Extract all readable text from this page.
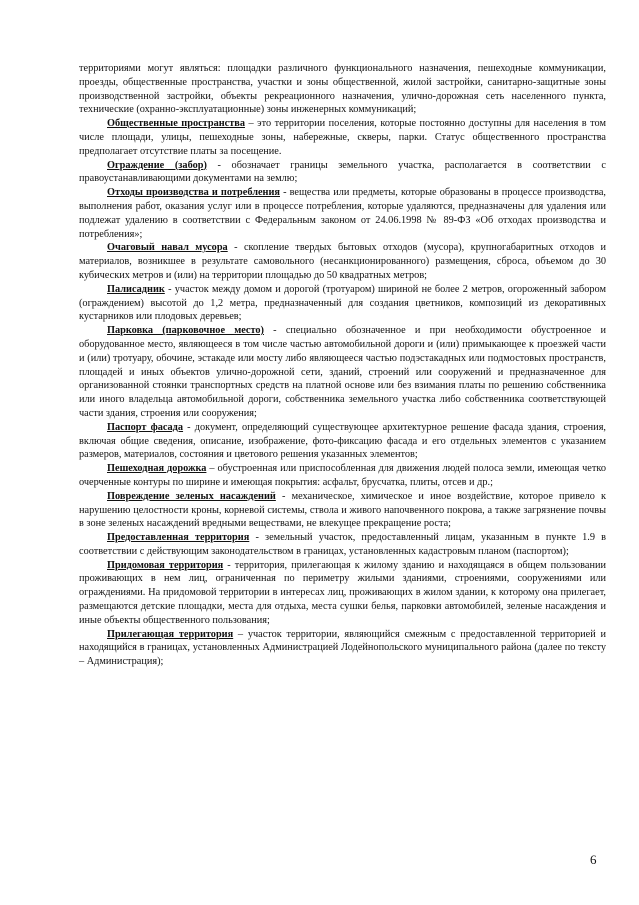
территориями могут являться: площадки различного функционального назначения, пешеходные коммуникации, проезды, общественные пространства, участки и зоны общественной, жилой застройки, санитарно-защитные зоны производственной застройки, объекты рекреационного назначения, улично-дорожная сеть населенного пункта, технические (охранно-эксплуатационные) зоны инженерных коммуникаций;

Общественные пространства – это территории поселения, которые постоянно доступны для населения в том числе площади, улицы, пешеходные зоны, набережные, скверы, парки. Статус общественного пространства предполагает отсутствие платы за посещение.

Ограждение (забор) - обозначает границы земельного участка, располагается в соответствии с правоустанавливающими документами на землю;

Отходы производства и потребления - вещества или предметы, которые образованы в процессе производства, выполнения работ, оказания услуг или в процессе потребления, которые удаляются, предназначены для удаления или подлежат удалению в соответствии с Федеральным законом от 24.06.1998 № 89-ФЗ «Об отходах производства и потребления»;

Очаговый навал мусора - скопление твердых бытовых отходов (мусора), крупногабаритных отходов и материалов, возникшее в результате самовольного (несанкционированного) размещения, сброса, объемом до 30 кубических метров и (или) на территории площадью до 50 квадратных метров;

Палисадник - участок между домом и дорогой (тротуаром) шириной не более 2 метров, огороженный забором (ограждением) высотой до 1,2 метра, предназначенный для создания цветников, композиций из декоративных кустарников или плодовых деревьев;

Парковка (парковочное место) - специально обозначенное и при необходимости обустроенное и оборудованное место, являющееся в том числе частью автомобильной дороги и (или) примыкающее к проезжей части и (или) тротуару, обочине, эстакаде или мосту либо являющееся частью подэстакадных или подмостовых пространств, площадей и иных объектов улично-дорожной сети, зданий, строений или сооружений и предназначенное для организованной стоянки транспортных средств на платной основе или без взимания платы по решению собственника или иного владельца автомобильной дороги, собственника земельного участка либо собственника соответствующей части здания, строения или сооружения;

Паспорт фасада - документ, определяющий существующее архитектурное решение фасада здания, строения, включая общие сведения, описание, изображение, фото-фиксацию фасада и его отдельных элементов с указанием размеров, материалов, состояния и цветового решения указанных элементов;

Пешеходная дорожка – обустроенная или приспособленная для движения людей полоса земли, имеющая четко очерченные контуры по ширине и имеющая покрытия: асфальт, брусчатка, плиты, отсев и др.;

Повреждение зеленых насаждений - механическое, химическое и иное воздействие, которое привело к нарушению целостности кроны, корневой системы, ствола и живого напочвенного покрова, а также загрязнение почвы в зоне зеленых насаждений вредными веществами, не влекущее прекращение роста;

Предоставленная территория - земельный участок, предоставленный лицам, указанным в пункте 1.9 в соответствии с действующим законодательством в границах, установленных кадастровым планом (паспортом);

Придомовая территория - территория, прилегающая к жилому зданию и находящаяся в общем пользовании проживающих в нем лиц, ограниченная по периметру жилыми зданиями, строениями, сооружениями или ограждениями. На придомовой территории в интересах лиц, проживающих в жилом здании, к которому она прилегает, размещаются детские площадки, места для отдыха, места сушки белья, парковки автомобилей, зеленые насаждения и иные объекты общественного пользования;

Прилегающая территория – участок территории, являющийся смежным с предоставленной территорией и находящийся в границах, установленных Администрацией Лодейнопольского муниципального района (далее по тексту – Администрация);

6
